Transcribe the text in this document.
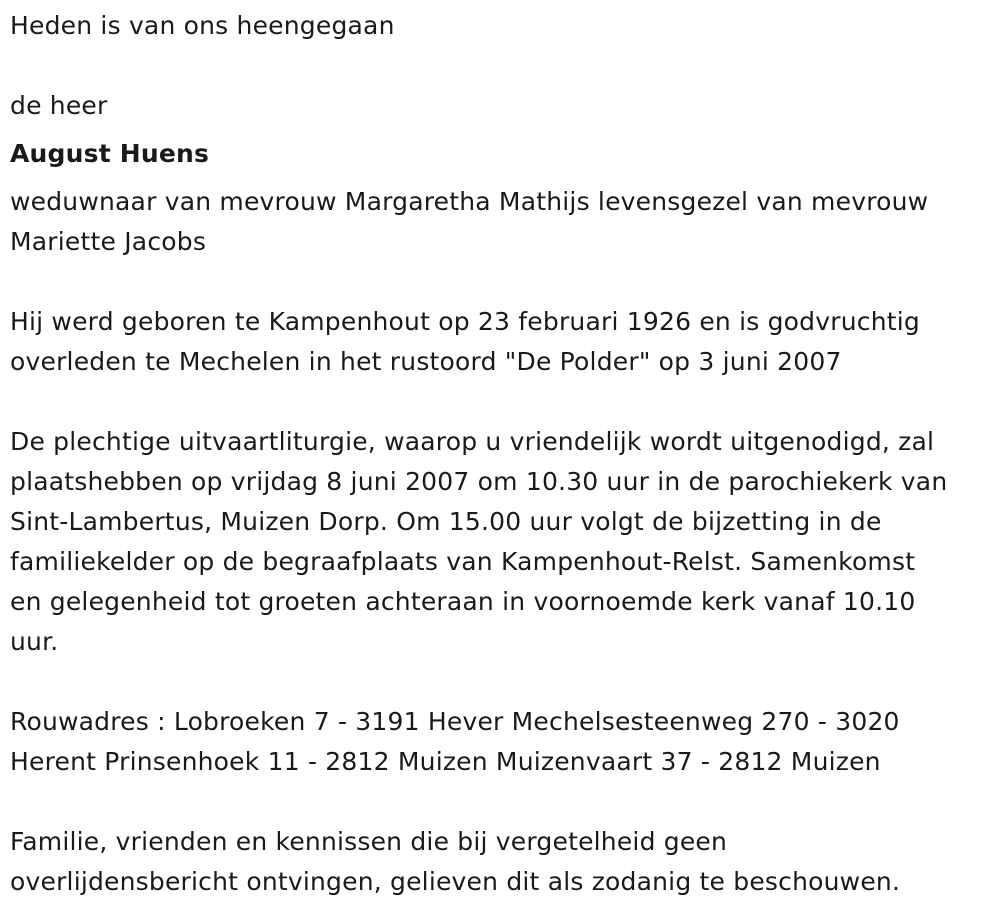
Heden is van ons heengegaan
de heer
August Huens
weduwnaar van mevrouw Margaretha Mathijs levensgezel van mevrouw
Mariette Jacobs
Hij werd geboren te Kampenhout op 23 februari 1926 en is godvruchtig
overleden te Mechelen in het rustoord "De Polder" op 3 juni 2007
De plechtige uitvaartliturgie, waarop u vriendelijk wordt uitgenodigd, zal
plaatshebben op vrijdag 8 juni 2007 om 10.30 uur in de parochiekerk van
Sint-Lambertus, Muizen Dorp. Om 15.00 uur volgt de bijzetting in de
familiekelder op de begraafplaats van Kampenhout-Relst. Samenkomst
en gelegenheid tot groeten achteraan in voornoemde kerk vanaf 10.10
uur.
Rouwadres : Lobroeken 7 - 3191 Hever Mechelsesteenweg 270 - 3020
Herent Prinsenhoek 11 - 2812 Muizen Muizenvaart 37 - 2812 Muizen
Familie, vrienden en kennissen die bij vergetelheid geen
overlijdensbericht ontvingen, gelieven dit als zodanig te beschouwen.
